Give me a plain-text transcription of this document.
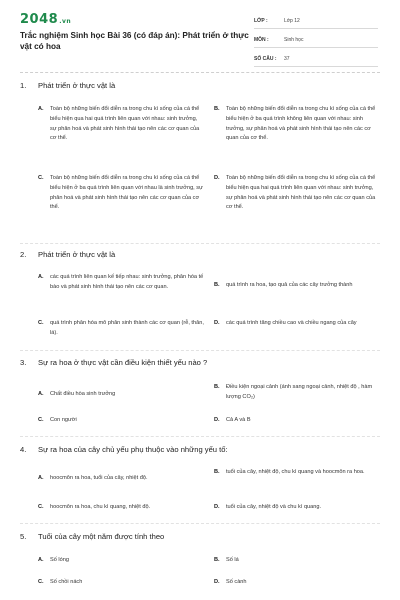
2048.vn
Trắc nghiệm Sinh học Bài 36 (có đáp án): Phát triển ở thực vật có hoa
LỚP :	Lớp 12
MÔN :	Sinh học
SỐ CÂU :	37
1.	Phát triển ở thực vật là
A.	Toàn bộ những biến đổi diễn ra trong chu kì sống của cá thể biểu hiện qua hai quá trình liên quan với nhau: sinh trưởng, sự phân hoá và phát sinh hình thái tạo nên các cơ quan của cơ thể.
B.	Toàn bộ những biến đổi diễn ra trong chu kì sống của cá thể biểu hiện ở ba quá trình không liên quan với nhau: sinh trưởng, sự phân hoá và phát sinh hình thái tạo nên các cơ quan của cơ thể.
C.	Toàn bộ những biến đổi diễn ra trong chu kì sống của cá thể biểu hiện ở ba quá trình liên quan với nhau là sinh trưởng, sự phân hoá và phát sinh hình thái tạo nên các cơ quan của cơ thể.
D.	Toàn bộ những biến đổi diễn ra trong chu kì sống của cá thể biểu hiện qua hai quá trình liên quan với nhau: sinh trưởng, sự phân hoá và phát sinh hình thái tạo nên các cơ quan của cơ thể.
2.	Phát triển ở thực vật là
A.	các quá trình liên quan kế tiếp nhau: sinh trưởng, phân hóa tế bào và phát sinh hình thái tạo nên các cơ quan.	B.	quá trình ra hoa, tạo quả của các cây trưởng thành
C.	quá trình phân hóa mô phân sinh thành các cơ quan (rễ, thân, lá).
D.	các quá trình tăng chiều cao và chiều ngang của cây
3.	Sự ra hoa ở thực vật cần điều kiện thiết yếu nào ?
A.	Chất điều hòa sinh trưởng
B.	Điều kiện ngoại cảnh (ánh sang ngoại cảnh, nhiệt độ , hàm lượng CO₂)
C.	Con người	D.	Cả A và B
4.	Sự ra hoa của cây chủ yếu phụ thuộc vào những yếu tố:
A.	hoocmôn ra hoa, tuổi của cây, nhiệt độ.
B.	tuổi của cây, nhiệt độ, chu kì quang và hoocmôn ra hoa.
C.	hoocmôn ra hoa, chu kì quang, nhiệt độ.	D.	tuổi của cây, nhiệt độ và chu kì quang.
5.	Tuổi của cây một năm được tính theo
A.	Số lóng	B.	Số lá
C.	Số chồi nách	D.	Số cành
